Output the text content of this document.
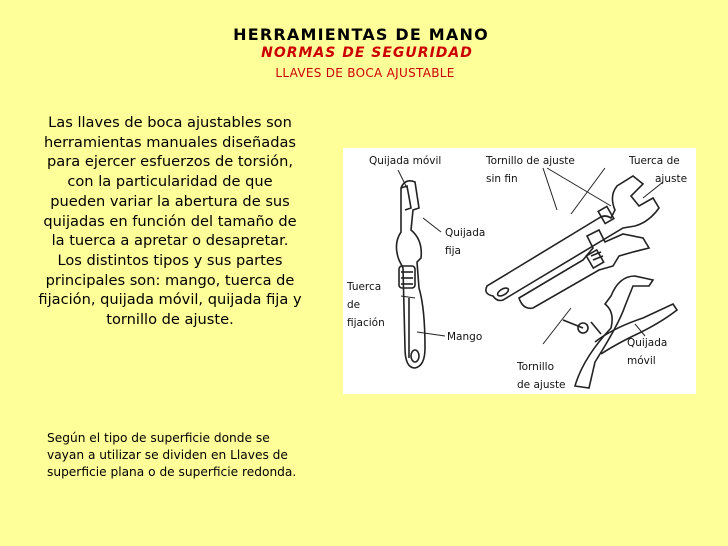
HERRAMIENTAS DE MANO
NORMAS DE SEGURIDAD
LLAVES DE BOCA AJUSTABLE
Las llaves de boca ajustables son herramientas manuales diseñadas para ejercer esfuerzos de torsión, con la particularidad de que pueden variar la abertura de sus quijadas en función del tamaño de la tuerca a apretar o desapretar. Los distintos tipos y sus partes principales son: mango, tuerca de fijación, quijada móvil, quijada fija y tornillo de ajuste.
Según el tipo de superficie donde se vayan a utilizar se dividen en Llaves de superficie plana o de superficie redonda.
Quijada móvil	Tornillo de ajuste
sin fin
Tuerca de
ajuste
Quijada
fija
Tuerca
de
fijación
Mango
Tornillo
de ajuste
Quijada
móvil
